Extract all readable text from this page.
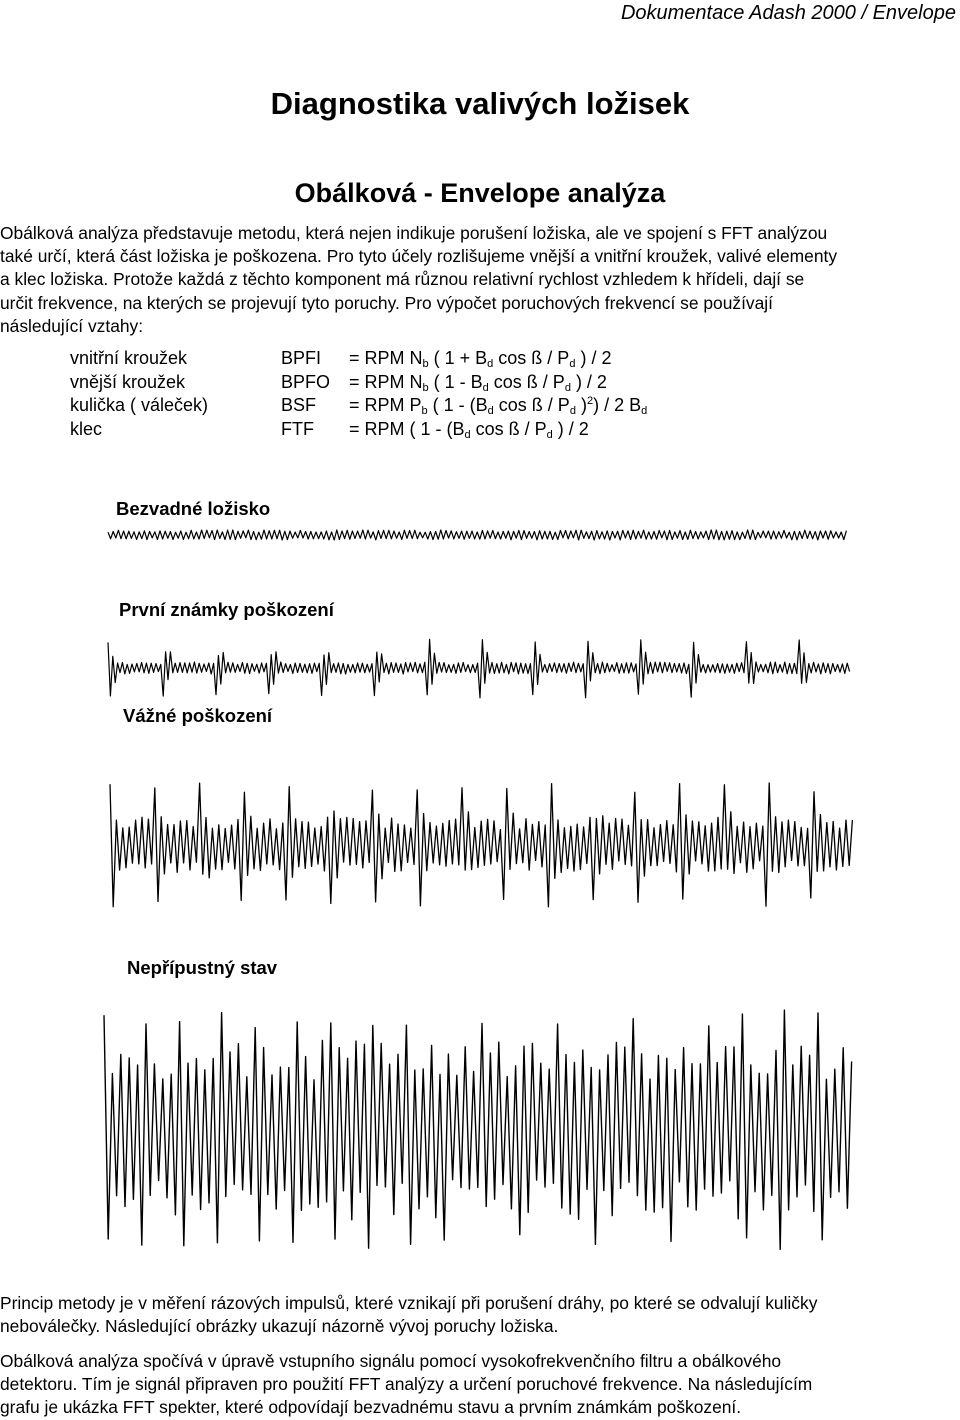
Dokumentace Adash 2000 / Envelope
Diagnostika valivých ložisek
Obálková - Envelope analýza
Obálková analýza představuje metodu, která nejen indikuje porušení ložiska, ale ve spojení s FFT analýzou
také určí, která část ložiska je poškozena. Pro tyto účely rozlišujeme vnější a vnitřní kroužek, valivé elementy
a klec ložiska. Protože každá z těchto komponent má různou relativní rychlost vzhledem k hřídeli, dají se
určit frekvence, na kterých se projevují tyto poruchy. Pro výpočet poruchových frekvencí se používají
následující vztahy:
vnitřní kroužek	BPFI = RPM $N_b$ ( $1 + B_d$ cos ß / $P_d$ ) / 2
vnější kroužek	BPFO = RPM $N_b$ ( $1 - B_d$ cos ß / $P_d$ ) / 2
kulička ( váleček)	BSF = RPM $P_b$ ( $1 - (B_d$ cos ß / $P_d$ )$^2$) / 2 $B_d$
klec	FTF = RPM ( $1 - (B_d$ cos ß / $P_d$ ) / 2
Bezvadné ložisko
První známky poškození
Vážné poškození
Nepřípustný stav
Princip metody je v měření rázových impulsů, které vznikají při porušení dráhy, po které se odvalují kuličky
neboválečky. Následující obrázky ukazují názorně vývoj poruchy ložiska.
Obálková analýza spočívá v úpravě vstupního signálu pomocí vysokofrekvenčního filtru a obálkového
detektoru. Tím je signál připraven pro použití FFT analýzy a určení poruchové frekvence. Na následujícím
grafu je ukázka FFT spekter, které odpovídají bezvadnému stavu a prvním známkám poškození.
